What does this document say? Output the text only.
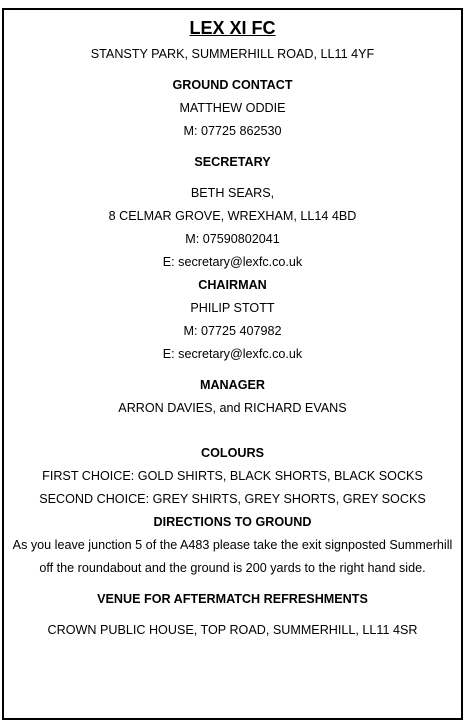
LEX XI FC
STANSTY PARK, SUMMERHILL ROAD, LL11 4YF
GROUND CONTACT
MATTHEW ODDIE
M: 07725 862530
SECRETARY
BETH SEARS,
8 CELMAR GROVE, WREXHAM, LL14 4BD
M: 07590802041
E: secretary@lexfc.co.uk
CHAIRMAN
PHILIP STOTT
M: 07725 407982
E: secretary@lexfc.co.uk
MANAGER
ARRON DAVIES, and RICHARD EVANS
COLOURS
FIRST CHOICE: GOLD SHIRTS, BLACK SHORTS, BLACK SOCKS
SECOND CHOICE: GREY SHIRTS, GREY SHORTS, GREY SOCKS
DIRECTIONS TO GROUND
As you leave junction 5 of the A483 please take the exit signposted Summerhill off the roundabout and the ground is 200 yards to the right hand side.
VENUE FOR AFTERMATCH REFRESHMENTS
CROWN PUBLIC HOUSE, TOP ROAD, SUMMERHILL, LL11 4SR
